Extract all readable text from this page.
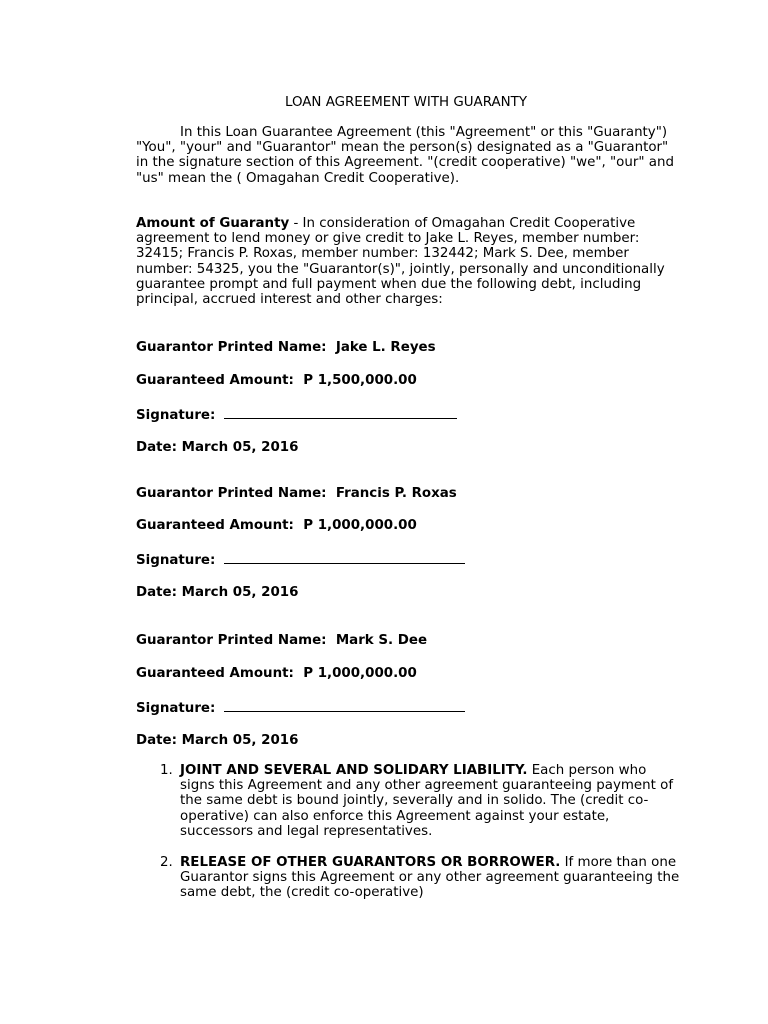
LOAN AGREEMENT WITH GUARANTY

In this Loan Guarantee Agreement (this "Agreement" or this "Guaranty") "You", "your" and "Guarantor" mean the person(s) designated as a "Guarantor" in the signature section of this Agreement. "(credit cooperative) "we", "our" and "us" mean the ( Omagahan Credit Cooperative).

Amount of Guaranty - In consideration of Omagahan Credit Cooperative agreement to lend money or give credit to Jake L. Reyes, member number: 32415; Francis P. Roxas, member number: 132442; Mark S. Dee, member number: 54325, you the "Guarantor(s)", jointly, personally and unconditionally guarantee prompt and full payment when due the following debt, including principal, accrued interest and other charges:

Guarantor Printed Name: Jake L. Reyes
Guaranteed Amount: P 1,500,000.00
Signature:
Date: March 05, 2016
Guarantor Printed Name: Francis P. Roxas
Guaranteed Amount: P 1,000,000.00
Signature:
Date: March 05, 2016
Guarantor Printed Name: Mark S. Dee
Guaranteed Amount: P 1,000,000.00
Signature:
Date: March 05, 2016

1. JOINT AND SEVERAL AND SOLIDARY LIABILITY. Each person who signs this Agreement and any other agreement guaranteeing payment of the same debt is bound jointly, severally and in solido. The (credit co-operative) can also enforce this Agreement against your estate, successors and legal representatives.

2. RELEASE OF OTHER GUARANTORS OR BORROWER. If more than one Guarantor signs this Agreement or any other agreement guaranteeing the same debt, the (credit co-operative)
